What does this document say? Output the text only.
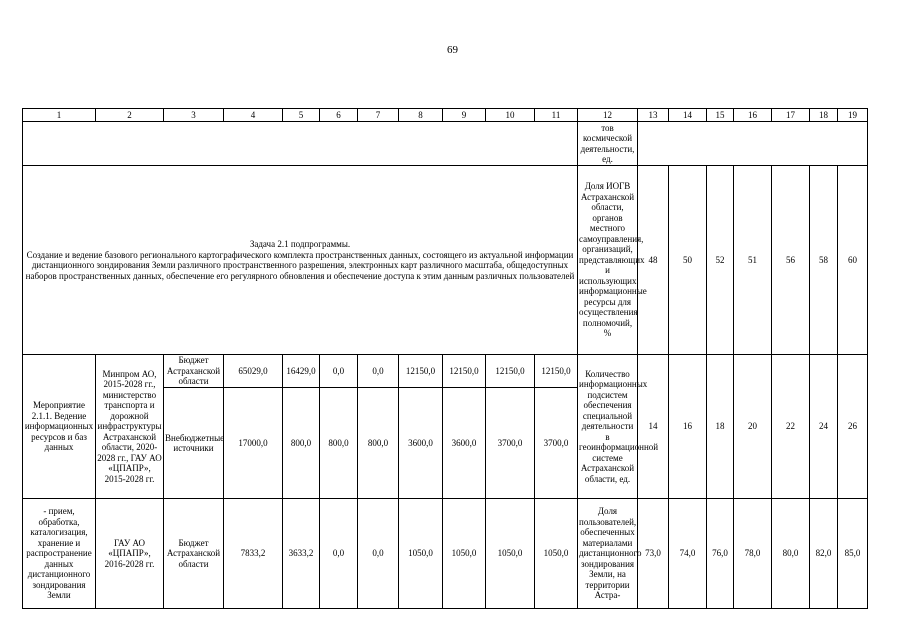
69
1	2	3	4	5	6	7	8	9	10	11	12	13	14	15	16	17	18	19
											тов космической деятельности, ед.							

Задача 2.1 подпрограммы.
Создание и ведение базового регионального картографического комплекта пространственных данных, состоящего из актуальной информации дистанционного зондирования Земли различного пространственного разрешения, электронных карт различного масштаба, общедоступных наборов пространственных данных, обеспечение его регулярного обновления и обеспечение доступа к этим данным различных пользователей											Доля ИОГВ Астраханской области, органов местного самоуправления, организаций, представляющих и использующих информационные ресурсы для осуществления полномочий, %	48	50	52	51	56	58	60
Мероприятие 2.1.1. Ведение информационных ресурсов и баз данных	Минпром АО, 2015-2028 гг., министерство транспорта и дорожной инфраструктуры Астраханской области, 2020-2028 гг., ГАУ АО «ЦПАПР», 2015-2028 гг.	Бюджет Астраханской области	65029,0	16429,0	0,0	0,0	12150,0	12150,0	12150,0	12150,0	Количество информационных подсистем обеспечения специальной деятельности в геоинформационной системе Астраханской области, ед.	14	16	18	20	22	24	26
		Внебюджетные источники	17000,0	800,0	800,0	800,0	3600,0	3600,0	3700,0	3700,0								
- прием, обработка, каталогизация, хранение и распространение данных дистанционного зондирования Земли	ГАУ АО «ЦПАПР», 2016-2028 гг.	Бюджет Астраханской области	7833,2	3633,2	0,0	0,0	1050,0	1050,0	1050,0	1050,0	Доля пользователей, обеспеченных материалами дистанционного зондирования Земли, на территории Астра-	73,0	74,0	76,0	78,0	80,0	82,0	85,0
